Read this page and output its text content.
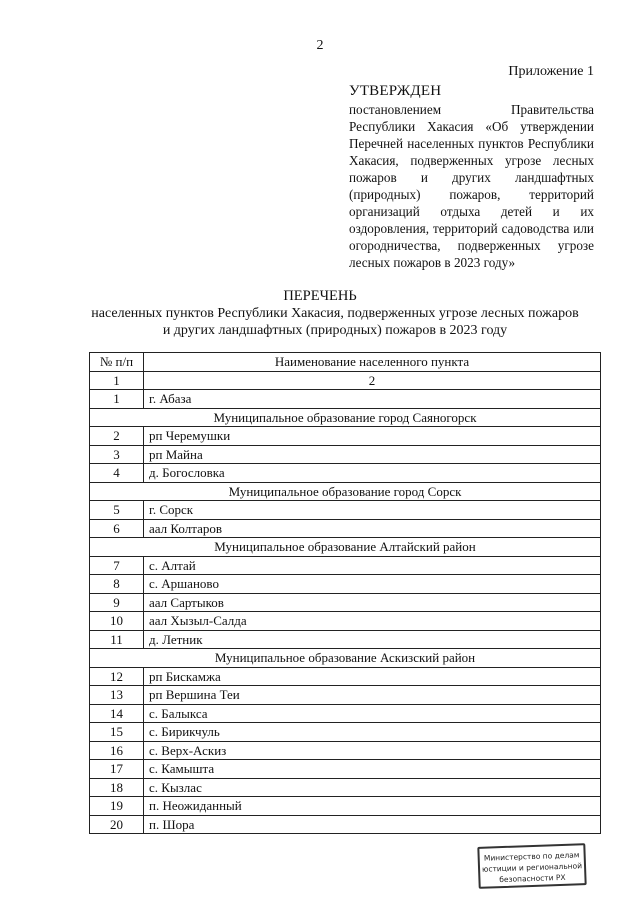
2
Приложение 1
УТВЕРЖДЕН
постановлением Правительства Республики Хакасия «Об утверждении Перечней населенных пунктов Республики Хакасия, подверженных угрозе лесных пожаров и других ландшафтных (природных) пожаров, территорий организаций отдыха детей и их оздоровления, территорий садоводства или огородничества, подверженных угрозе лесных пожаров в 2023 году»
ПЕРЕЧЕНЬ
населенных пунктов Республики Хакасия, подверженных угрозе лесных пожаров
и других ландшафтных (природных) пожаров в 2023 году
№ п/п	Наименование населенного пункта
1	2
1	г. Абаза
Муниципальное образование город Саяногорск	
2	рп Черемушки
3	рп Майна
4	д. Богословка
Муниципальное образование город Сорск	
5	г. Сорск
6	аал Колтаров
Муниципальное образование Алтайский район	
7	с. Алтай
8	с. Аршаново
9	аал Сартыков
10	аал Хызыл-Салда
11	д. Летник
Муниципальное образование Аскизский район	
12	рп Бискамжа
13	рп Вершина Теи
14	с. Балыкса
15	с. Бирикчуль
16	с. Верх-Аскиз
17	с. Камышта
18	с. Кызлас
19	п. Неожиданный
20	п. Шора
Министерство по делам
юстиции и региональной
безопасности РХ
